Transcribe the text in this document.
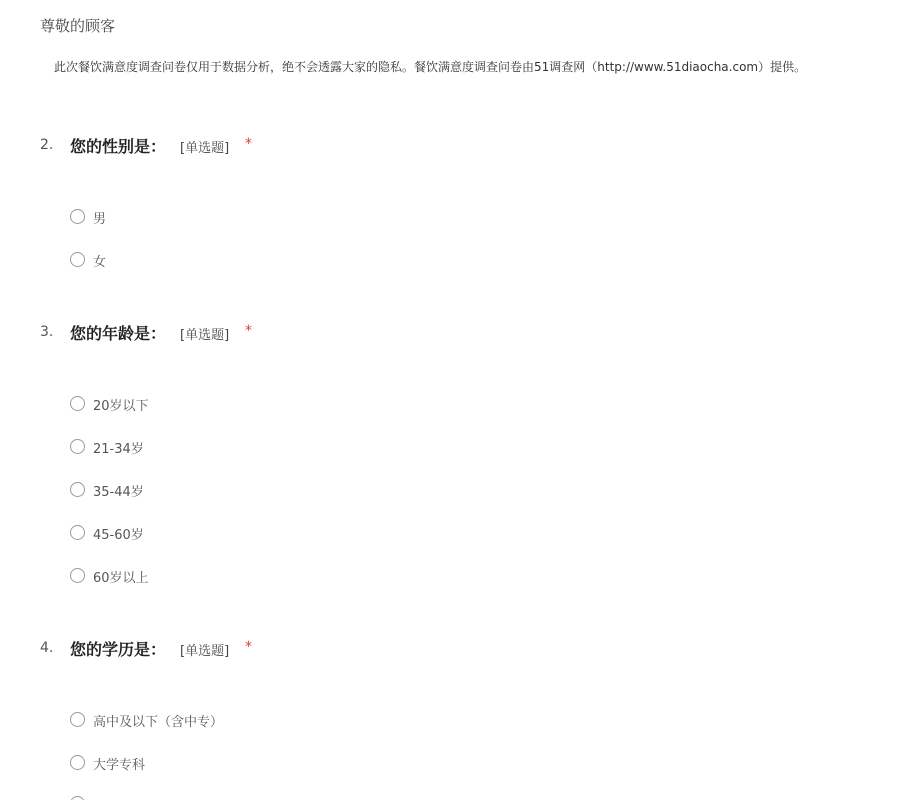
尊敬的顾客
此次餐饮满意度调查问卷仅用于数据分析，绝不会透露大家的隐私。餐饮满意度调查问卷由51调查网（http://www.51diaocha.com）提供。
2. 您的性别是： [单选题] *
男
女
3. 您的年龄是： [单选题] *
20岁以下
21-34岁
35-44岁
45-60岁
60岁以上
4. 您的学历是： [单选题] *
高中及以下（含中专）
大学专科
